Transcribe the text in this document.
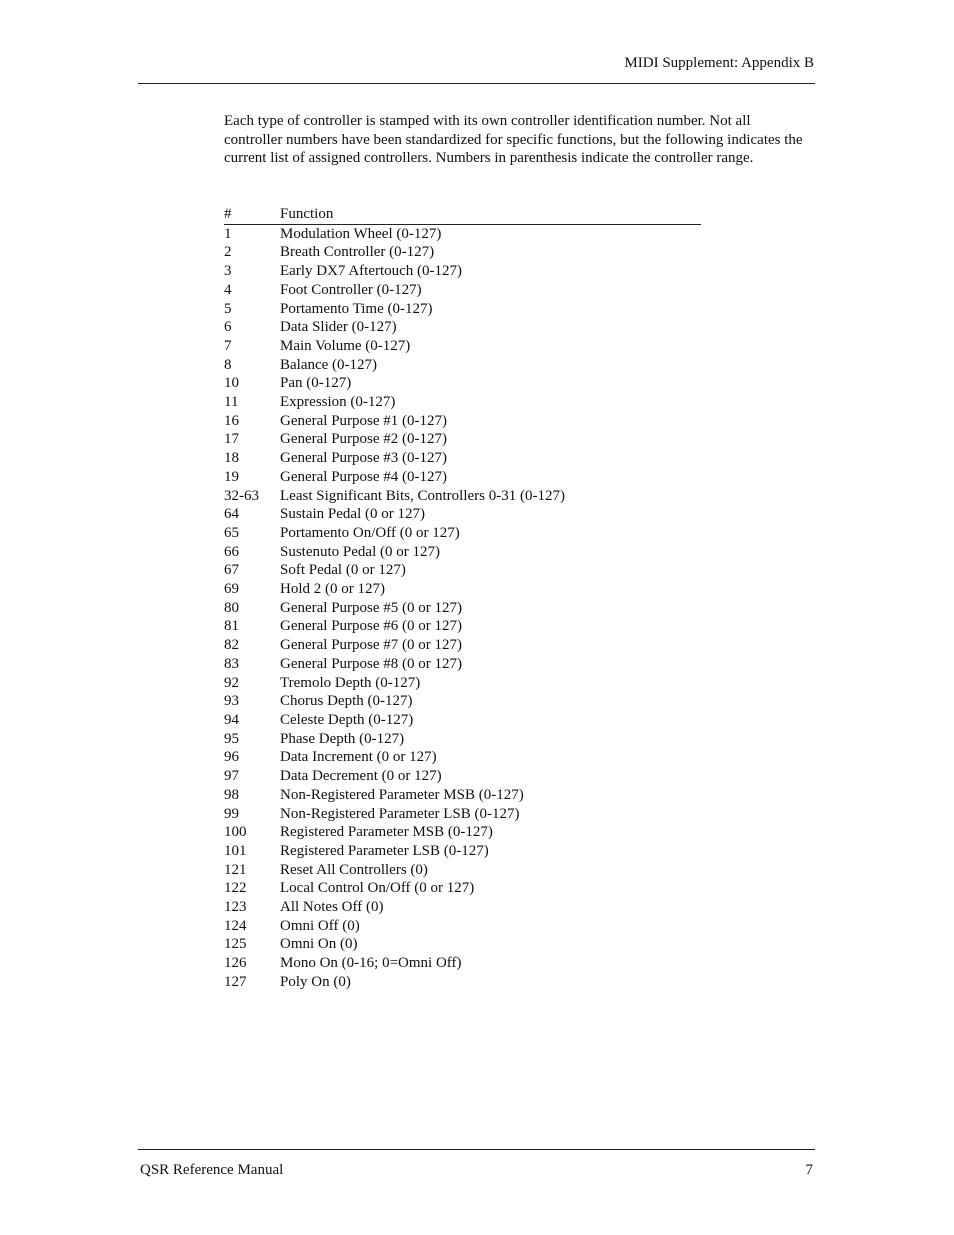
MIDI Supplement: Appendix B

Each type of controller is stamped with its own controller identification number. Not all controller numbers have been standardized for specific functions, but the following indicates the current list of assigned controllers. Numbers in parenthesis indicate the controller range.

#	Function
1	Modulation Wheel (0-127)
2	Breath Controller (0-127)
3	Early DX7 Aftertouch (0-127)
4	Foot Controller (0-127)
5	Portamento Time (0-127)
6	Data Slider (0-127)
7	Main Volume (0-127)
8	Balance (0-127)
10	Pan (0-127)
11	Expression (0-127)
16	General Purpose #1 (0-127)
17	General Purpose #2 (0-127)
18	General Purpose #3 (0-127)
19	General Purpose #4 (0-127)
32-63	Least Significant Bits, Controllers 0-31 (0-127)
64	Sustain Pedal (0 or 127)
65	Portamento On/Off (0 or 127)
66	Sustenuto Pedal (0 or 127)
67	Soft Pedal (0 or 127)
69	Hold 2 (0 or 127)
80	General Purpose #5 (0 or 127)
81	General Purpose #6 (0 or 127)
82	General Purpose #7 (0 or 127)
83	General Purpose #8 (0 or 127)
92	Tremolo Depth (0-127)
93	Chorus Depth (0-127)
94	Celeste Depth (0-127)
95	Phase Depth (0-127)
96	Data Increment (0 or 127)
97	Data Decrement (0 or 127)
98	Non-Registered Parameter MSB (0-127)
99	Non-Registered Parameter LSB (0-127)
100	Registered Parameter MSB (0-127)
101	Registered Parameter LSB (0-127)
121	Reset All Controllers (0)
122	Local Control On/Off (0 or 127)
123	All Notes Off (0)
124	Omni Off (0)
125	Omni On (0)
126	Mono On (0-16; 0=Omni Off)
127	Poly On (0)
QSR Reference Manual	7
